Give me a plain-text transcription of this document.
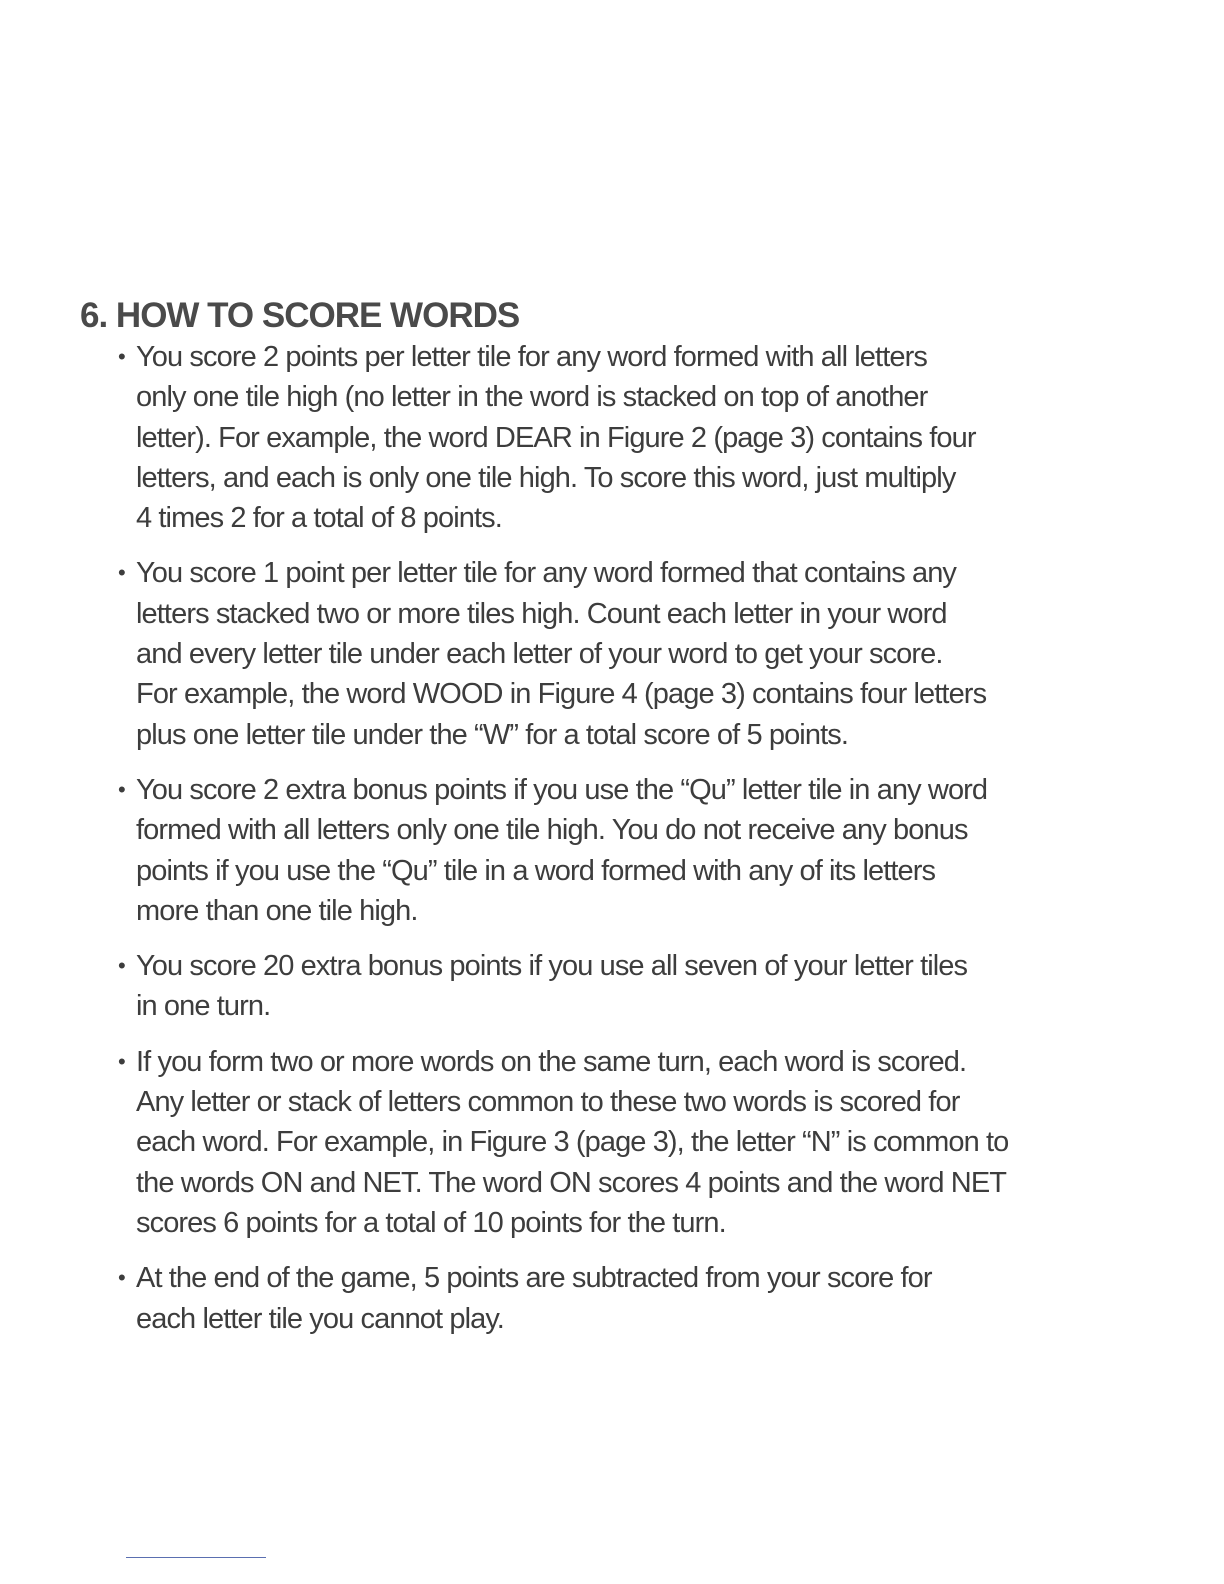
6. HOW TO SCORE WORDS
• You score 2 points per letter tile for any word formed with all letters
only one tile high (no letter in the word is stacked on top of another
letter). For example, the word DEAR in Figure 2 (page 3) contains four
letters, and each is only one tile high. To score this word, just multiply
4 times 2 for a total of 8 points.
• You score 1 point per letter tile for any word formed that contains any
letters stacked two or more tiles high. Count each letter in your word
and every letter tile under each letter of your word to get your score.
For example, the word WOOD in Figure 4 (page 3) contains four letters
plus one letter tile under the “W” for a total score of 5 points.
• You score 2 extra bonus points if you use the “Qu” letter tile in any word
formed with all letters only one tile high. You do not receive any bonus
points if you use the “Qu” tile in a word formed with any of its letters
more than one tile high.
• You score 20 extra bonus points if you use all seven of your letter tiles
in one turn.
• If you form two or more words on the same turn, each word is scored.
Any letter or stack of letters common to these two words is scored for
each word. For example, in Figure 3 (page 3), the letter “N” is common to
the words ON and NET. The word ON scores 4 points and the word NET
scores 6 points for a total of 10 points for the turn.
• At the end of the game, 5 points are subtracted from your score for
each letter tile you cannot play.
